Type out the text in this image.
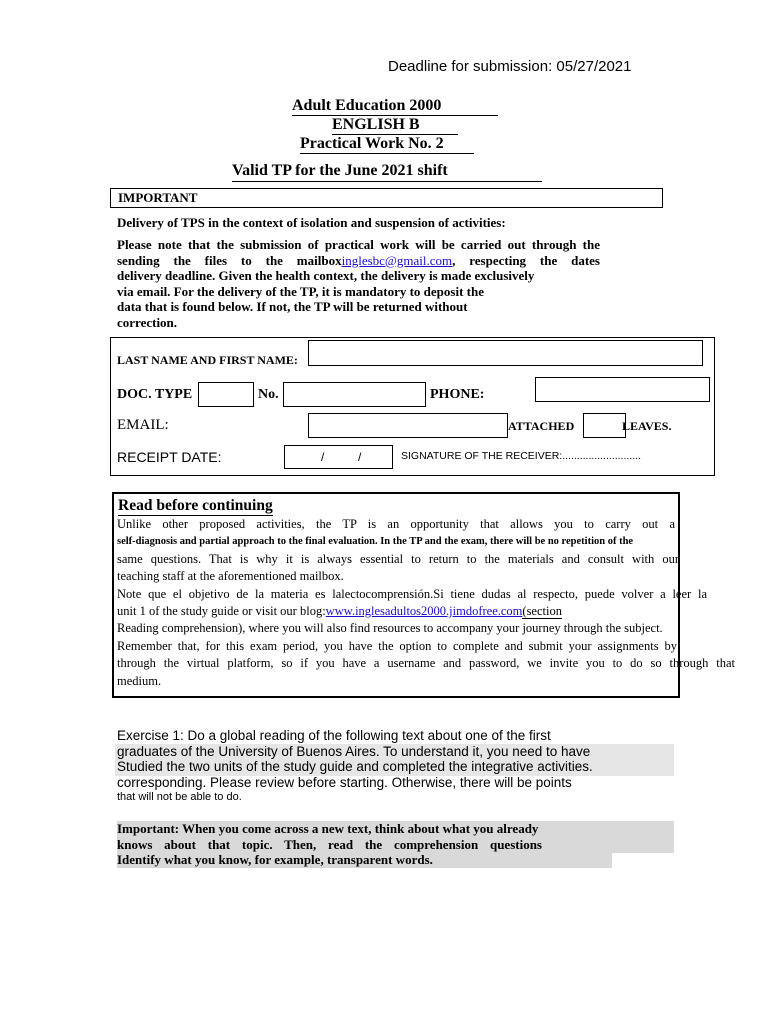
Deadline for submission: 05/27/2021
Adult Education 2000
ENGLISH B
Practical Work No. 2
Valid TP for the June 2021 shift
IMPORTANT
Delivery of TPS in the context of isolation and suspension of activities:
Please note that the submission of practical work will be carried out through the
sending the files to the mailboxinglesbc@gmail.com, respecting the dates
delivery deadline. Given the health context, the delivery is made exclusively
via email. For the delivery of the TP, it is mandatory to deposit the
data that is found below. If not, the TP will be returned without
correction.
LAST NAME AND FIRST NAME:
DOC. TYPE	No.	PHONE:
EMAIL:	ATTACHED	LEAVES.
RECEIPT DATE:	/	/	SIGNATURE OF THE RECEIVER:...........................
Read before continuing
Unlike other proposed activities, the TP is an opportunity that allows you to carry out a
self-diagnosis and partial approach to the final evaluation. In the TP and the exam, there will be no repetition of the
same questions. That is why it is always essential to return to the materials and consult with our
teaching staff at the aforementioned mailbox.
Note que el objetivo de la materia es lalectocomprensión.Si tiene dudas al respecto, puede volver a leer la
unit 1 of the study guide or visit our blog:www.inglesadultos2000.jimdofree.com(section
Reading comprehension), where you will also find resources to accompany your journey through the subject.
Remember that, for this exam period, you have the option to complete and submit your assignments by
through the virtual platform, so if you have a username and password, we invite you to do so through that
medium.
Exercise 1: Do a global reading of the following text about one of the first
graduates of the University of Buenos Aires. To understand it, you need to have
Studied the two units of the study guide and completed the integrative activities.
corresponding. Please review before starting. Otherwise, there will be points
that will not be able to do.
Important: When you come across a new text, think about what you already
knows about that topic. Then, read the comprehension questions
Identify what you know, for example, transparent words.
